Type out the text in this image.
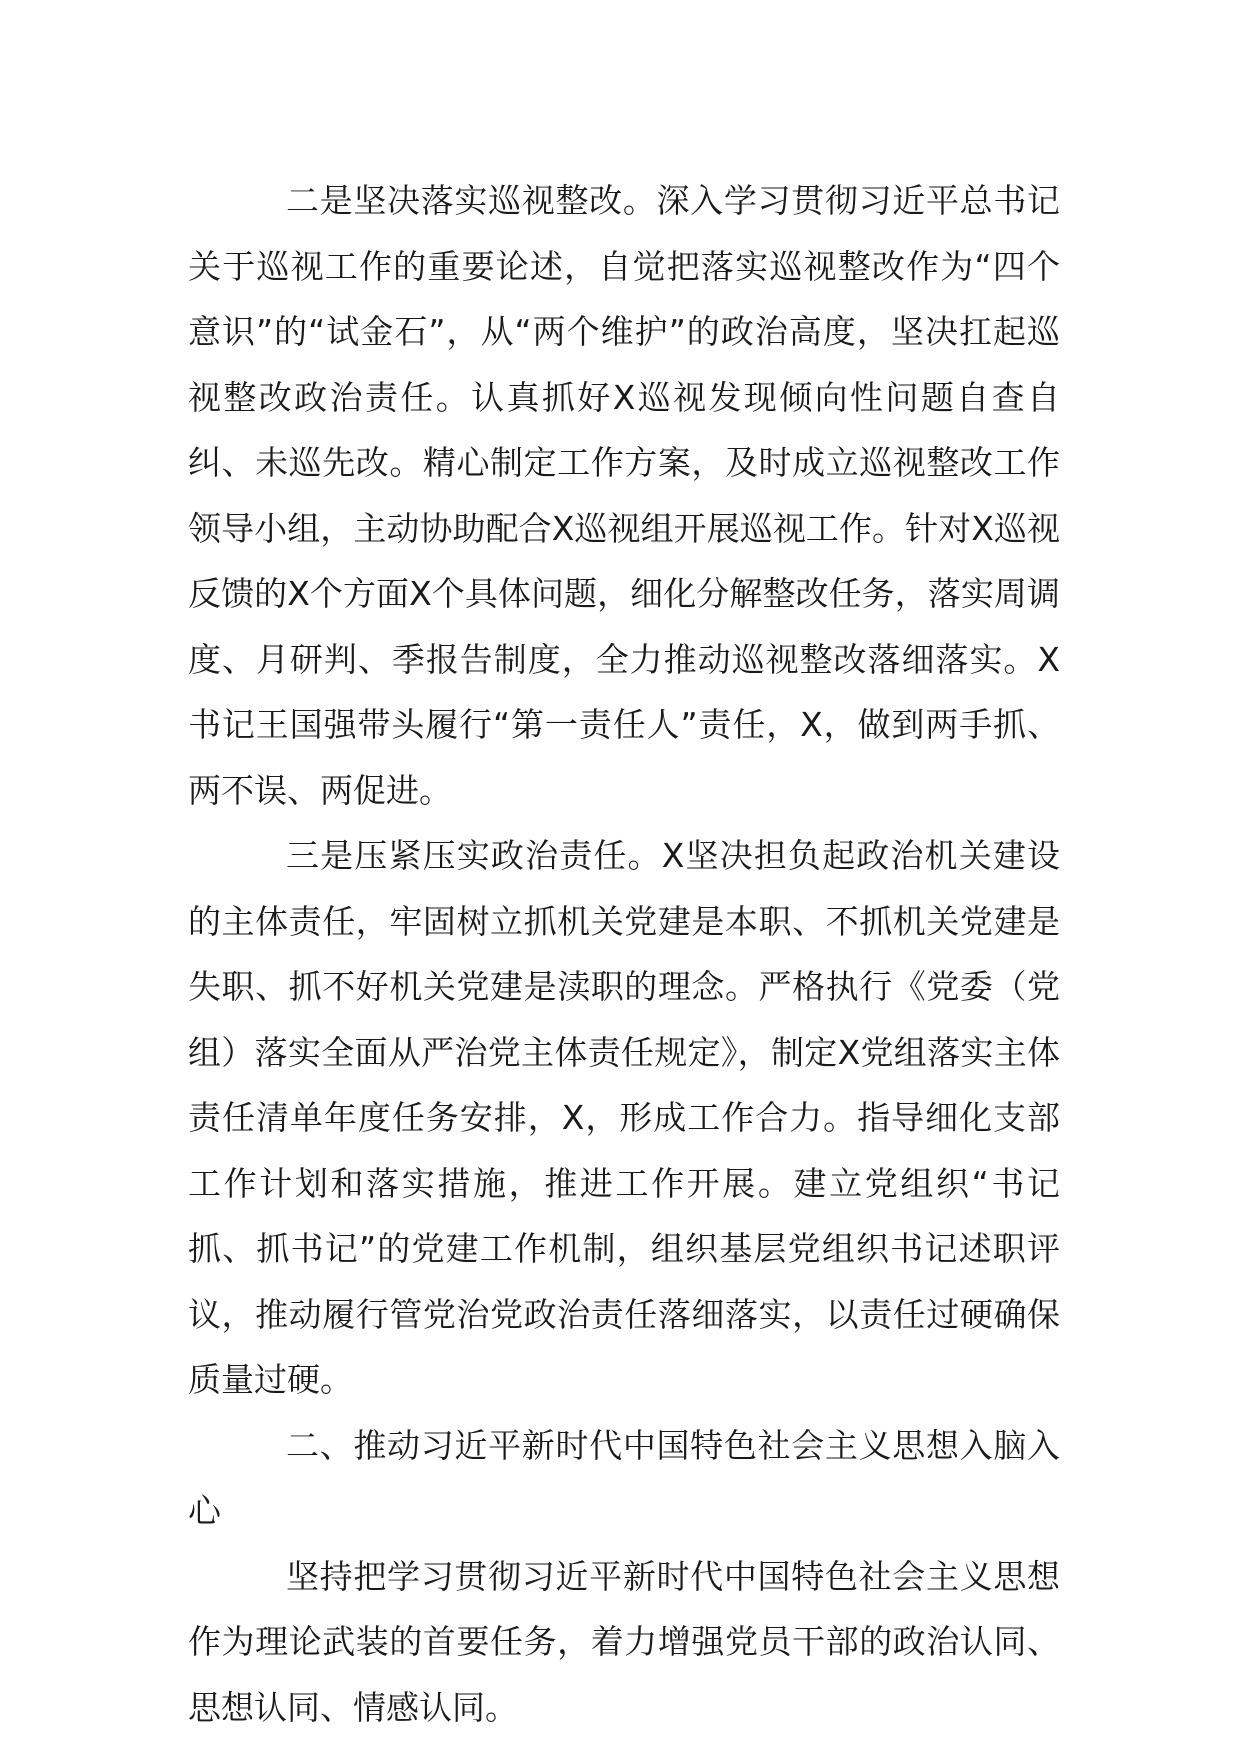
二是坚决落实巡视整改。深入学习贯彻习近平总书记关于巡视工作的重要论述，自觉把落实巡视整改作为“四个意识”的“试金石”，从“两个维护”的政治高度，坚决扛起巡视整改政治责任。认真抓好X巡视发现倾向性问题自查自纠、未巡先改。精心制定工作方案，及时成立巡视整改工作领导小组，主动协助配合X巡视组开展巡视工作。针对X巡视反馈的X个方面X个具体问题，细化分解整改任务，落实周调度、月研判、季报告制度，全力推动巡视整改落细落实。X书记王国强带头履行“第一责任人”责任，X，做到两手抓、两不误、两促进。

三是压紧压实政治责任。X坚决担负起政治机关建设的主体责任，牢固树立抓机关党建是本职、不抓机关党建是失职、抓不好机关党建是渎职的理念。严格执行《党委（党组）落实全面从严治党主体责任规定》，制定X党组落实主体责任清单年度任务安排，X，形成工作合力。指导细化支部工作计划和落实措施，推进工作开展。建立党组织“书记抓、抓书记”的党建工作机制，组织基层党组织书记述职评议，推动履行管党治党政治责任落细落实，以责任过硬确保质量过硬。

二、推动习近平新时代中国特色社会主义思想入脑入心

坚持把学习贯彻习近平新时代中国特色社会主义思想作为理论武装的首要任务，着力增强党员干部的政治认同、思想认同、情感认同。
